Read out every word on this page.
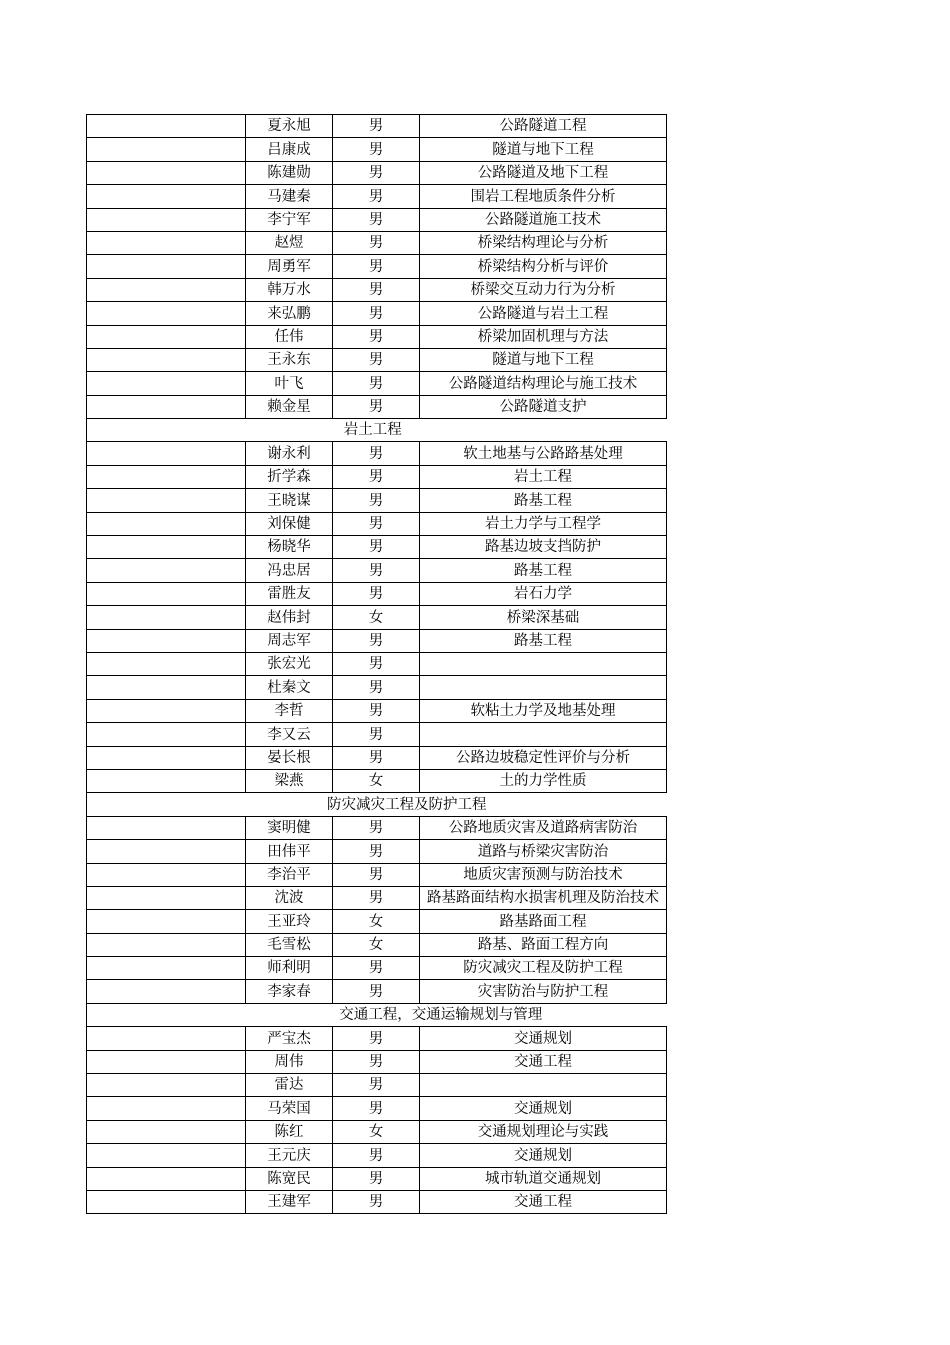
	夏永旭	男	公路隧道工程
	吕康成	男	隧道与地下工程
	陈建勋	男	公路隧道及地下工程
	马建秦	男	围岩工程地质条件分析
	李宁军	男	公路隧道施工技术
	赵煜	男	桥梁结构理论与分析
	周勇军	男	桥梁结构分析与评价
	韩万水	男	桥梁交互动力行为分析
	来弘鹏	男	公路隧道与岩土工程
	任伟	男	桥梁加固机理与方法
	王永东	男	隧道与地下工程
	叶飞	男	公路隧道结构理论与施工技术
	赖金星	男	公路隧道支护
岩土工程			
	谢永利	男	软土地基与公路路基处理
	折学森	男	岩土工程
	王晓谋	男	路基工程
	刘保健	男	岩土力学与工程学
	杨晓华	男	路基边坡支挡防护
	冯忠居	男	路基工程
	雷胜友	男	岩石力学
	赵伟封	女	桥梁深基础
	周志军	男	路基工程
	张宏光	男	
	杜秦文	男	
	李哲	男	软粘土力学及地基处理
	李又云	男	
	晏长根	男	公路边坡稳定性评价与分析
	梁燕	女	土的力学性质
防灾减灾工程及防护工程			
	窦明健	男	公路地质灾害及道路病害防治
	田伟平	男	道路与桥梁灾害防治
	李治平	男	地质灾害预测与防治技术
	沈波	男	路基路面结构水损害机理及防治技术
	王亚玲	女	路基路面工程
	毛雪松	女	路基、路面工程方向
	师利明	男	防灾减灾工程及防护工程
	李家春	男	灾害防治与防护工程
交通工程，交通运输规划与管理			
	严宝杰	男	交通规划
	周伟	男	交通工程
	雷达	男	
	马荣国	男	交通规划
	陈红	女	交通规划理论与实践
	王元庆	男	交通规划
	陈宽民	男	城市轨道交通规划
	王建军	男	交通工程
